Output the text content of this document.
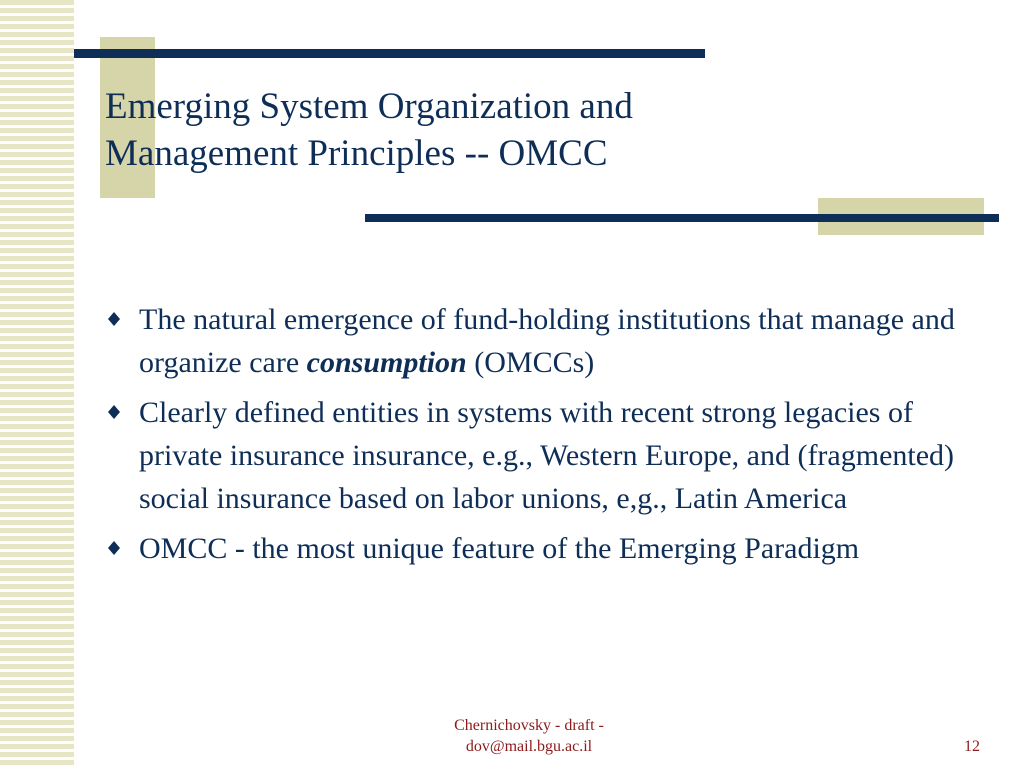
Emerging System Organization and
Management Principles -- OMCC
The natural emergence of fund-holding institutions that manage and organize care consumption (OMCCs)
Clearly defined entities in systems with recent strong legacies of private insurance insurance, e.g., Western Europe, and (fragmented) social insurance based on labor unions, e,g., Latin America
OMCC - the most unique feature of the Emerging Paradigm
Chernichovsky - draft -
dov@mail.bgu.ac.il	12
